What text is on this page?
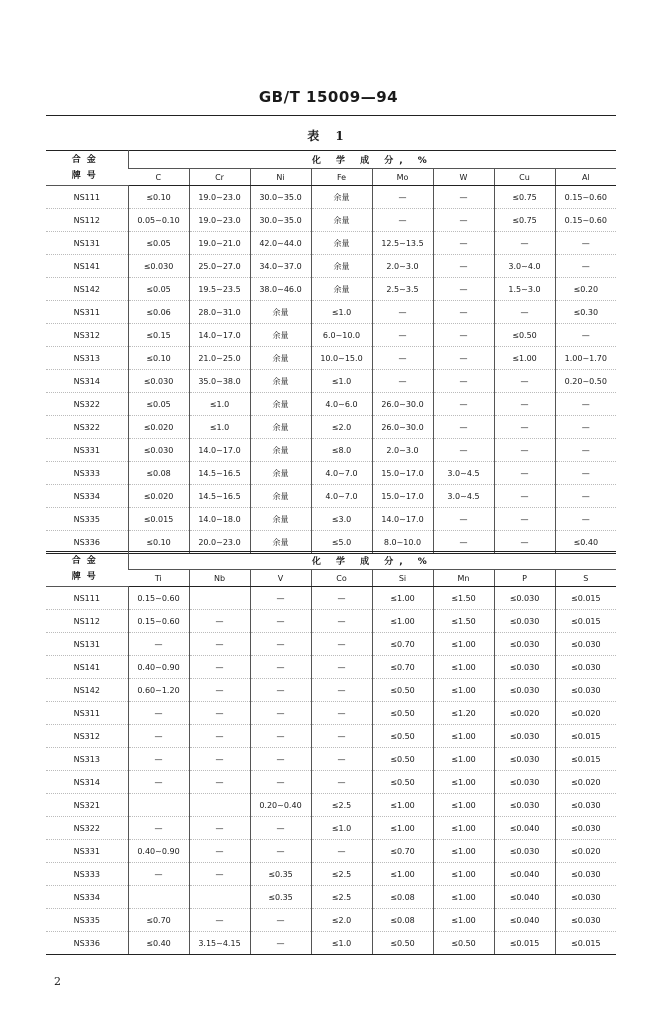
GB/T 15009—94
表 1
合金
牌号	化 学 成 分, %							
	C	Cr	Ni	Fe	Mo	W	Cu	Al
NS111	≤0.10	19.0~23.0	30.0~35.0	余量	—	—	≤0.75	0.15~0.60
NS112	0.05~0.10	19.0~23.0	30.0~35.0	余量	—	—	≤0.75	0.15~0.60
NS131	≤0.05	19.0~21.0	42.0~44.0	余量	12.5~13.5	—	—	—
NS141	≤0.030	25.0~27.0	34.0~37.0	余量	2.0~3.0	—	3.0~4.0	—
NS142	≤0.05	19.5~23.5	38.0~46.0	余量	2.5~3.5	—	1.5~3.0	≤0.20
NS311	≤0.06	28.0~31.0	余量	≤1.0	—	—	—	≤0.30
NS312	≤0.15	14.0~17.0	余量	6.0~10.0	—	—	≤0.50	—
NS313	≤0.10	21.0~25.0	余量	10.0~15.0	—	—	≤1.00	1.00~1.70
NS314	≤0.030	35.0~38.0	余量	≤1.0	—	—	—	0.20~0.50
NS322	≤0.05	≤1.0	余量	4.0~6.0	26.0~30.0	—	—	—
NS322	≤0.020	≤1.0	余量	≤2.0	26.0~30.0	—	—	—
NS331	≤0.030	14.0~17.0	余量	≤8.0	2.0~3.0	—	—	—
NS333	≤0.08	14.5~16.5	余量	4.0~7.0	15.0~17.0	3.0~4.5	—	—
NS334	≤0.020	14.5~16.5	余量	4.0~7.0	15.0~17.0	3.0~4.5	—	—
NS335	≤0.015	14.0~18.0	余量	≤3.0	14.0~17.0	—	—	—
NS336	≤0.10	20.0~23.0	余量	≤5.0	8.0~10.0	—	—	≤0.40
合金
牌号	化 学 成 分, %							
	Ti	Nb	V	Co	Si	Mn	P	S
NS111	0.15~0.60		—	—	≤1.00	≤1.50	≤0.030	≤0.015
NS112	0.15~0.60	—	—	—	≤1.00	≤1.50	≤0.030	≤0.015
NS131	—	—	—	—	≤0.70	≤1.00	≤0.030	≤0.030
NS141	0.40~0.90	—	—	—	≤0.70	≤1.00	≤0.030	≤0.030
NS142	0.60~1.20	—	—	—	≤0.50	≤1.00	≤0.030	≤0.030
NS311	—	—	—	—	≤0.50	≤1.20	≤0.020	≤0.020
NS312	—	—	—	—	≤0.50	≤1.00	≤0.030	≤0.015
NS313	—	—	—	—	≤0.50	≤1.00	≤0.030	≤0.015
NS314	—	—	—	—	≤0.50	≤1.00	≤0.030	≤0.020
NS321			0.20~0.40	≤2.5	≤1.00	≤1.00	≤0.030	≤0.030
NS322	—	—	—	≤1.0	≤1.00	≤1.00	≤0.040	≤0.030
NS331	0.40~0.90	—	—	—	≤0.70	≤1.00	≤0.030	≤0.020
NS333	—	—	≤0.35	≤2.5	≤1.00	≤1.00	≤0.040	≤0.030
NS334			≤0.35	≤2.5	≤0.08	≤1.00	≤0.040	≤0.030
NS335	≤0.70	—	—	≤2.0	≤0.08	≤1.00	≤0.040	≤0.030
NS336	≤0.40	3.15~4.15	—	≤1.0	≤0.50	≤0.50	≤0.015	≤0.015
2
